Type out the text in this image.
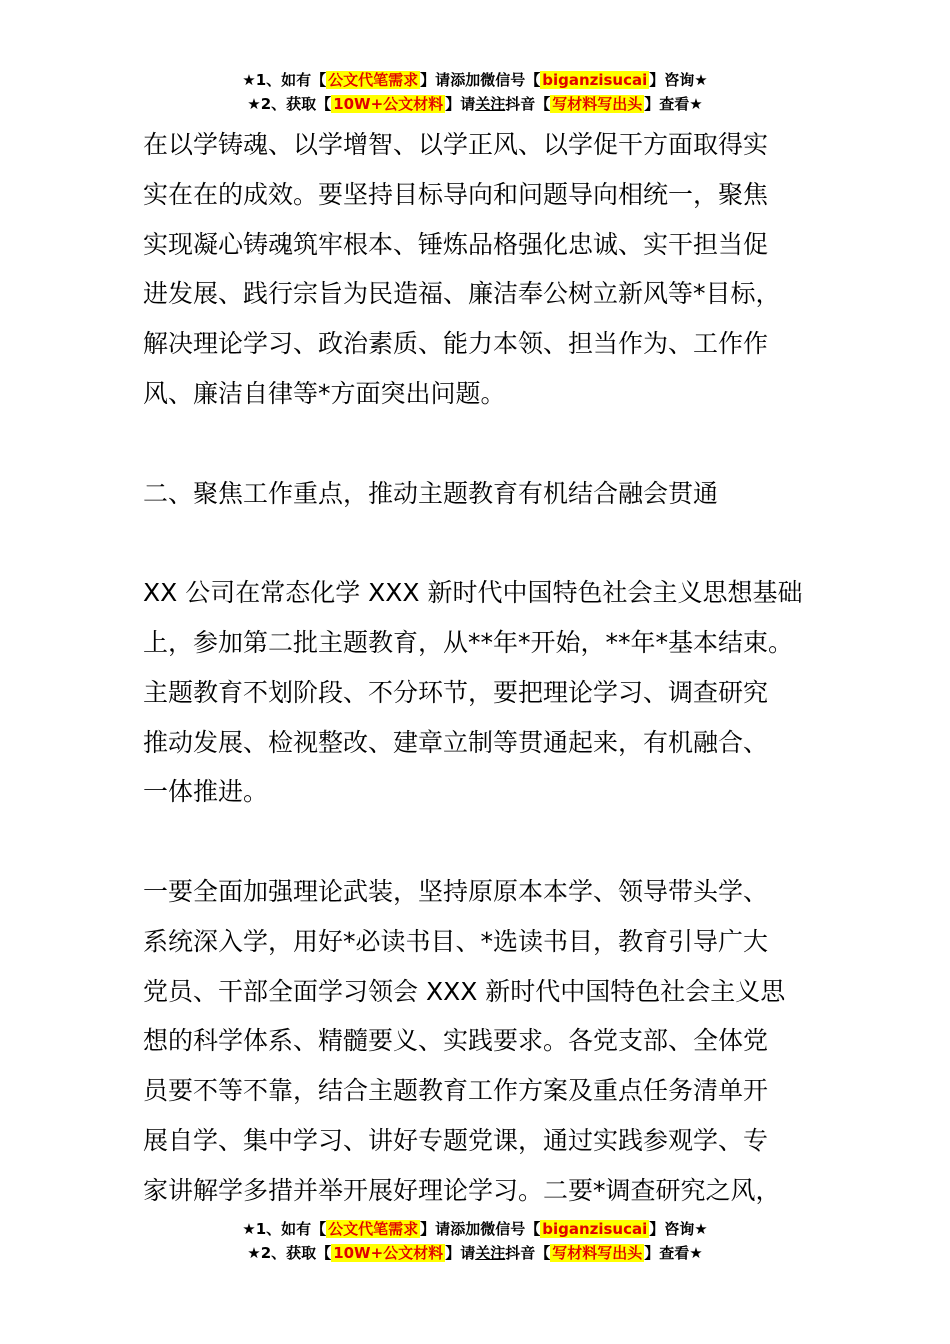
★1、如有【 公文代笔需求 】请添加微信号【 biganzisucai 】咨询★
★2、获取【 10W+公文材料 】请关注抖音【 写材料写出头 】查看★

在以学铸魂、以学增智、以学正风、以学促干方面取得实

实在在的成效。要坚持目标导向和问题导向相统一，聚焦

实现凝心铸魂筑牢根本、锤炼品格强化忠诚、实干担当促

进发展、践行宗旨为民造福、廉洁奉公树立新风等*目标，

解决理论学习、政治素质、能力本领、担当作为、工作作

风、廉洁自律等*方面突出问题。

二、聚焦工作重点，推动主题教育有机结合融会贯通

XX 公司在常态化学 XXX 新时代中国特色社会主义思想基础

上，参加第二批主题教育，从**年*开始，**年*基本结束。

主题教育不划阶段、不分环节，要把理论学习、调查研究

推动发展、检视整改、建章立制等贯通起来，有机融合、

一体推进。

一要全面加强理论武装，坚持原原本本学、领导带头学、

系统深入学，用好*必读书目、*选读书目，教育引导广大

党员、干部全面学习领会 XXX 新时代中国特色社会主义思

想的科学体系、精髓要义、实践要求。各党支部、全体党

员要不等不靠，结合主题教育工作方案及重点任务清单开

展自学、集中学习、讲好专题党课，通过实践参观学、专

家讲解学多措并举开展好理论学习。二要*调查研究之风，

★1、如有【 公文代笔需求 】请添加微信号【 biganzisucai 】咨询★
★2、获取【 10W+公文材料 】请关注抖音【 写材料写出头 】查看★
